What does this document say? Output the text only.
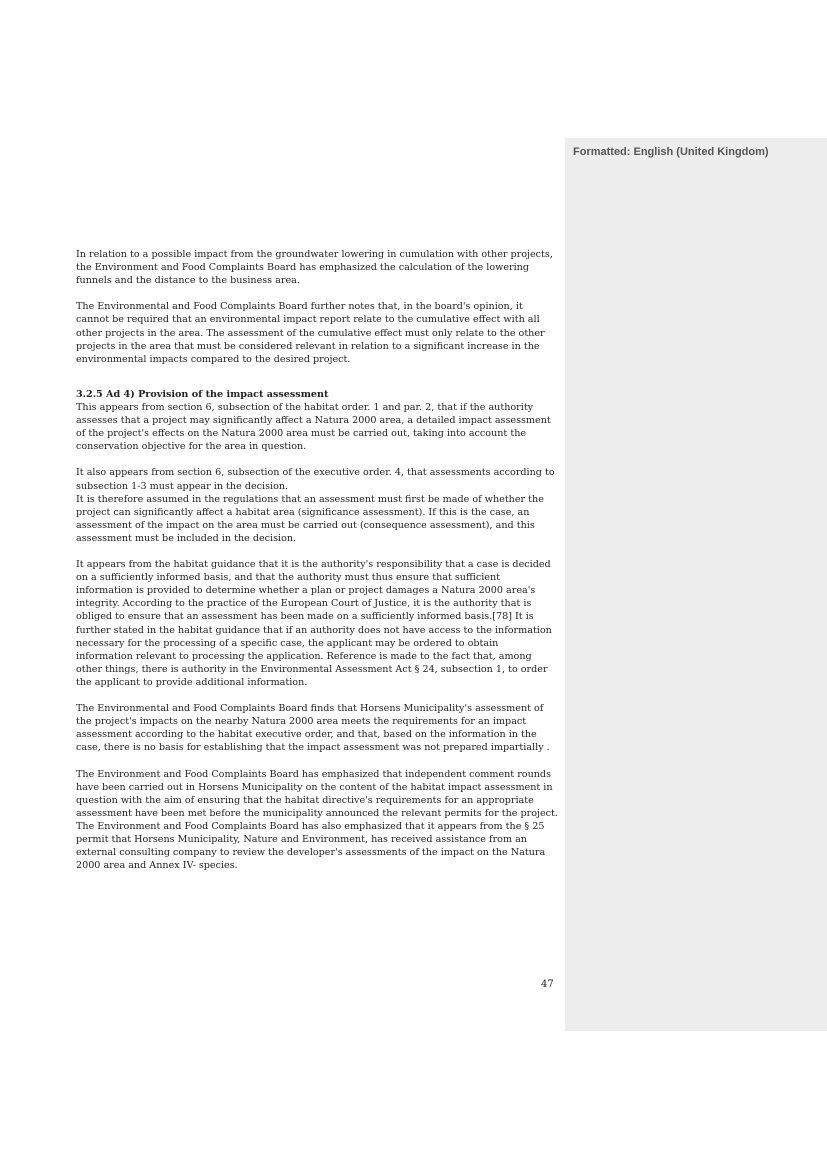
Formatted: English (United Kingdom)

In relation to a possible impact from the groundwater lowering in cumulation with other projects, the Environment and Food Complaints Board has emphasized the calculation of the lowering funnels and the distance to the business area.

The Environmental and Food Complaints Board further notes that, in the board's opinion, it cannot be required that an environmental impact report relate to the cumulative effect with all other projects in the area. The assessment of the cumulative effect must only relate to the other projects in the area that must be considered relevant in relation to a significant increase in the environmental impacts compared to the desired project.

3.2.5 Ad 4) Provision of the impact assessment

This appears from section 6, subsection of the habitat order. 1 and par. 2, that if the authority assesses that a project may significantly affect a Natura 2000 area, a detailed impact assessment of the project's effects on the Natura 2000 area must be carried out, taking into account the conservation objective for the area in question.

It also appears from section 6, subsection of the executive order. 4, that assessments according to subsection 1-3 must appear in the decision.

It is therefore assumed in the regulations that an assessment must first be made of whether the project can significantly affect a habitat area (significance assessment). If this is the case, an assessment of the impact on the area must be carried out (consequence assessment), and this assessment must be included in the decision.

It appears from the habitat guidance that it is the authority's responsibility that a case is decided on a sufficiently informed basis, and that the authority must thus ensure that sufficient information is provided to determine whether a plan or project damages a Natura 2000 area's integrity. According to the practice of the European Court of Justice, it is the authority that is obliged to ensure that an assessment has been made on a sufficiently informed basis.[78] It is further stated in the habitat guidance that if an authority does not have access to the information necessary for the processing of a specific case, the applicant may be ordered to obtain information relevant to processing the application. Reference is made to the fact that, among other things, there is authority in the Environmental Assessment Act § 24, subsection 1, to order the applicant to provide additional information.

The Environmental and Food Complaints Board finds that Horsens Municipality's assessment of the project's impacts on the nearby Natura 2000 area meets the requirements for an impact assessment according to the habitat executive order, and that, based on the information in the case, there is no basis for establishing that the impact assessment was not prepared impartially .

The Environment and Food Complaints Board has emphasized that independent comment rounds have been carried out in Horsens Municipality on the content of the habitat impact assessment in question with the aim of ensuring that the habitat directive's requirements for an appropriate assessment have been met before the municipality announced the relevant permits for the project.

The Environment and Food Complaints Board has also emphasized that it appears from the § 25 permit that Horsens Municipality, Nature and Environment, has received assistance from an external consulting company to review the developer's assessments of the impact on the Natura 2000 area and Annex IV- species.

47
